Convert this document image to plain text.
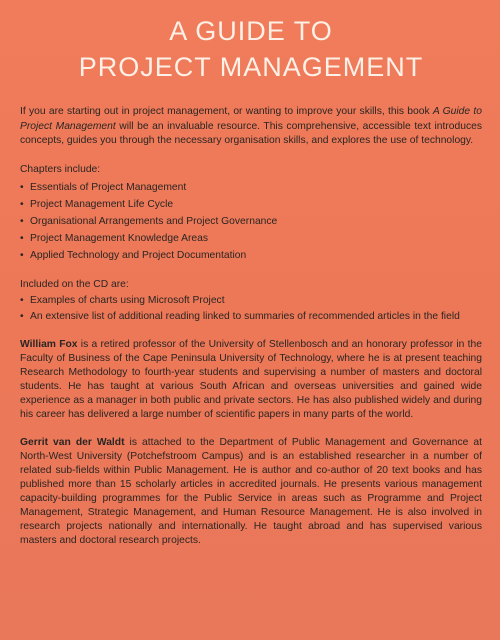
A GUIDE TO
PROJECT MANAGEMENT

If you are starting out in project management, or wanting to improve your skills, this book A Guide to Project Management will be an invaluable resource. This comprehensive, accessible text introduces concepts, guides you through the necessary organisation skills, and explores the use of technology.

Chapters include:
• Essentials of Project Management
• Project Management Life Cycle
• Organisational Arrangements and Project Governance
• Project Management Knowledge Areas
• Applied Technology and Project Documentation
Included on the CD are:
• Examples of charts using Microsoft Project
• An extensive list of additional reading linked to summaries of recommended articles in the field

William Fox is a retired professor of the University of Stellenbosch and an honorary professor in the Faculty of Business of the Cape Peninsula University of Technology, where he is at present teaching Research Methodology to fourth-year students and supervising a number of masters and doctoral students. He has taught at various South African and overseas universities and gained wide experience as a manager in both public and private sectors. He has also published widely and during his career has delivered a large number of scientific papers in many parts of the world.

Gerrit van der Waldt is attached to the Department of Public Management and Governance at North-West University (Potchefstroom Campus) and is an established researcher in a number of related sub-fields within Public Management. He is author and co-author of 20 text books and has published more than 15 scholarly articles in accredited journals. He presents various management capacity-building programmes for the Public Service in areas such as Programme and Project Management, Strategic Management, and Human Resource Management. He is also involved in research projects nationally and internationally. He taught abroad and has supervised various masters and doctoral research projects.
